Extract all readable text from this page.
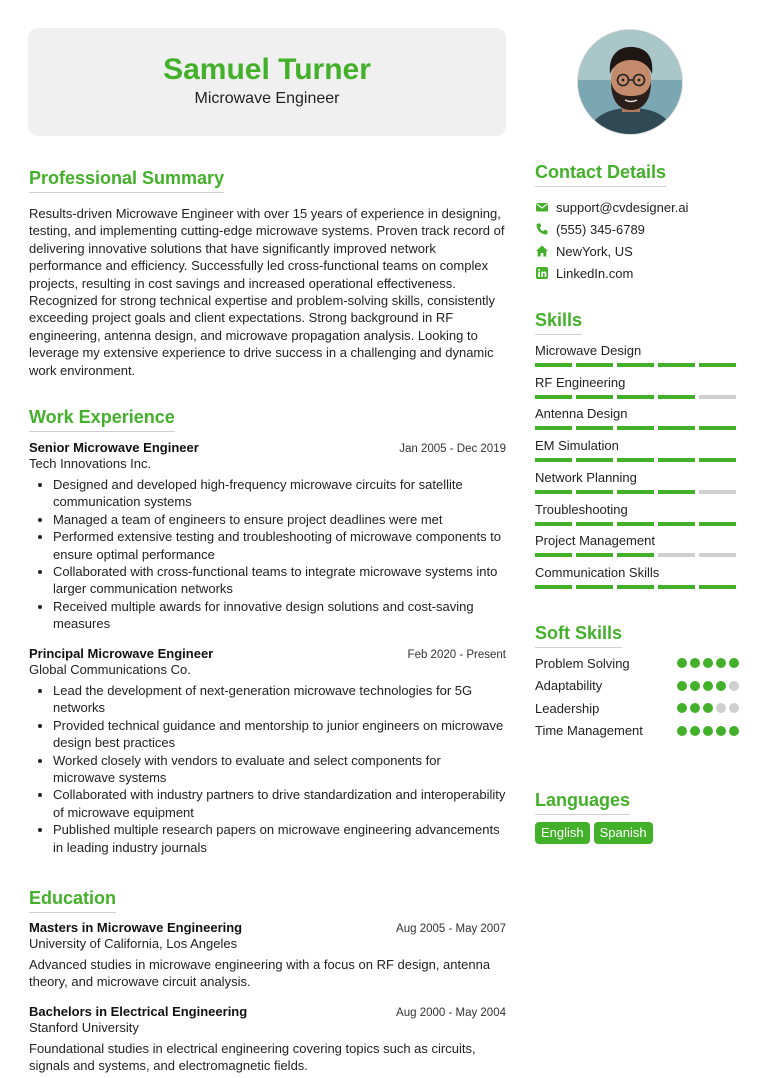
Samuel Turner
Microwave Engineer
Professional Summary
Results-driven Microwave Engineer with over 15 years of experience in designing, testing, and implementing cutting-edge microwave systems. Proven track record of delivering innovative solutions that have significantly improved network performance and efficiency. Successfully led cross-functional teams on complex projects, resulting in cost savings and increased operational effectiveness. Recognized for strong technical expertise and problem-solving skills, consistently exceeding project goals and client expectations. Strong background in RF engineering, antenna design, and microwave propagation analysis. Looking to leverage my extensive experience to drive success in a challenging and dynamic work environment.
Work Experience
Senior Microwave Engineer	Jan 2005 - Dec 2019
Tech Innovations Inc.
• Designed and developed high-frequency microwave circuits for satellite communication systems
• Managed a team of engineers to ensure project deadlines were met
• Performed extensive testing and troubleshooting of microwave components to ensure optimal performance
• Collaborated with cross-functional teams to integrate microwave systems into larger communication networks
• Received multiple awards for innovative design solutions and cost-saving measures
Principal Microwave Engineer	Feb 2020 - Present
Global Communications Co.
• Lead the development of next-generation microwave technologies for 5G networks
• Provided technical guidance and mentorship to junior engineers on microwave design best practices
• Worked closely with vendors to evaluate and select components for microwave systems
• Collaborated with industry partners to drive standardization and interoperability of microwave equipment
• Published multiple research papers on microwave engineering advancements in leading industry journals
Education
Masters in Microwave Engineering	Aug 2005 - May 2007
University of California, Los Angeles
Advanced studies in microwave engineering with a focus on RF design, antenna theory, and microwave circuit analysis.
Bachelors in Electrical Engineering	Aug 2000 - May 2004
Stanford University
Foundational studies in electrical engineering covering topics such as circuits, signals and systems, and electromagnetic fields.
Contact Details
support@cvdesigner.ai
(555) 345-6789
NewYork, US
LinkedIn.com
Skills
Microwave Design
RF Engineering
Antenna Design
EM Simulation
Network Planning
Troubleshooting
Project Management
Communication Skills
Soft Skills
Problem Solving
Adaptability
Leadership
Time Management
Languages
English	Spanish
